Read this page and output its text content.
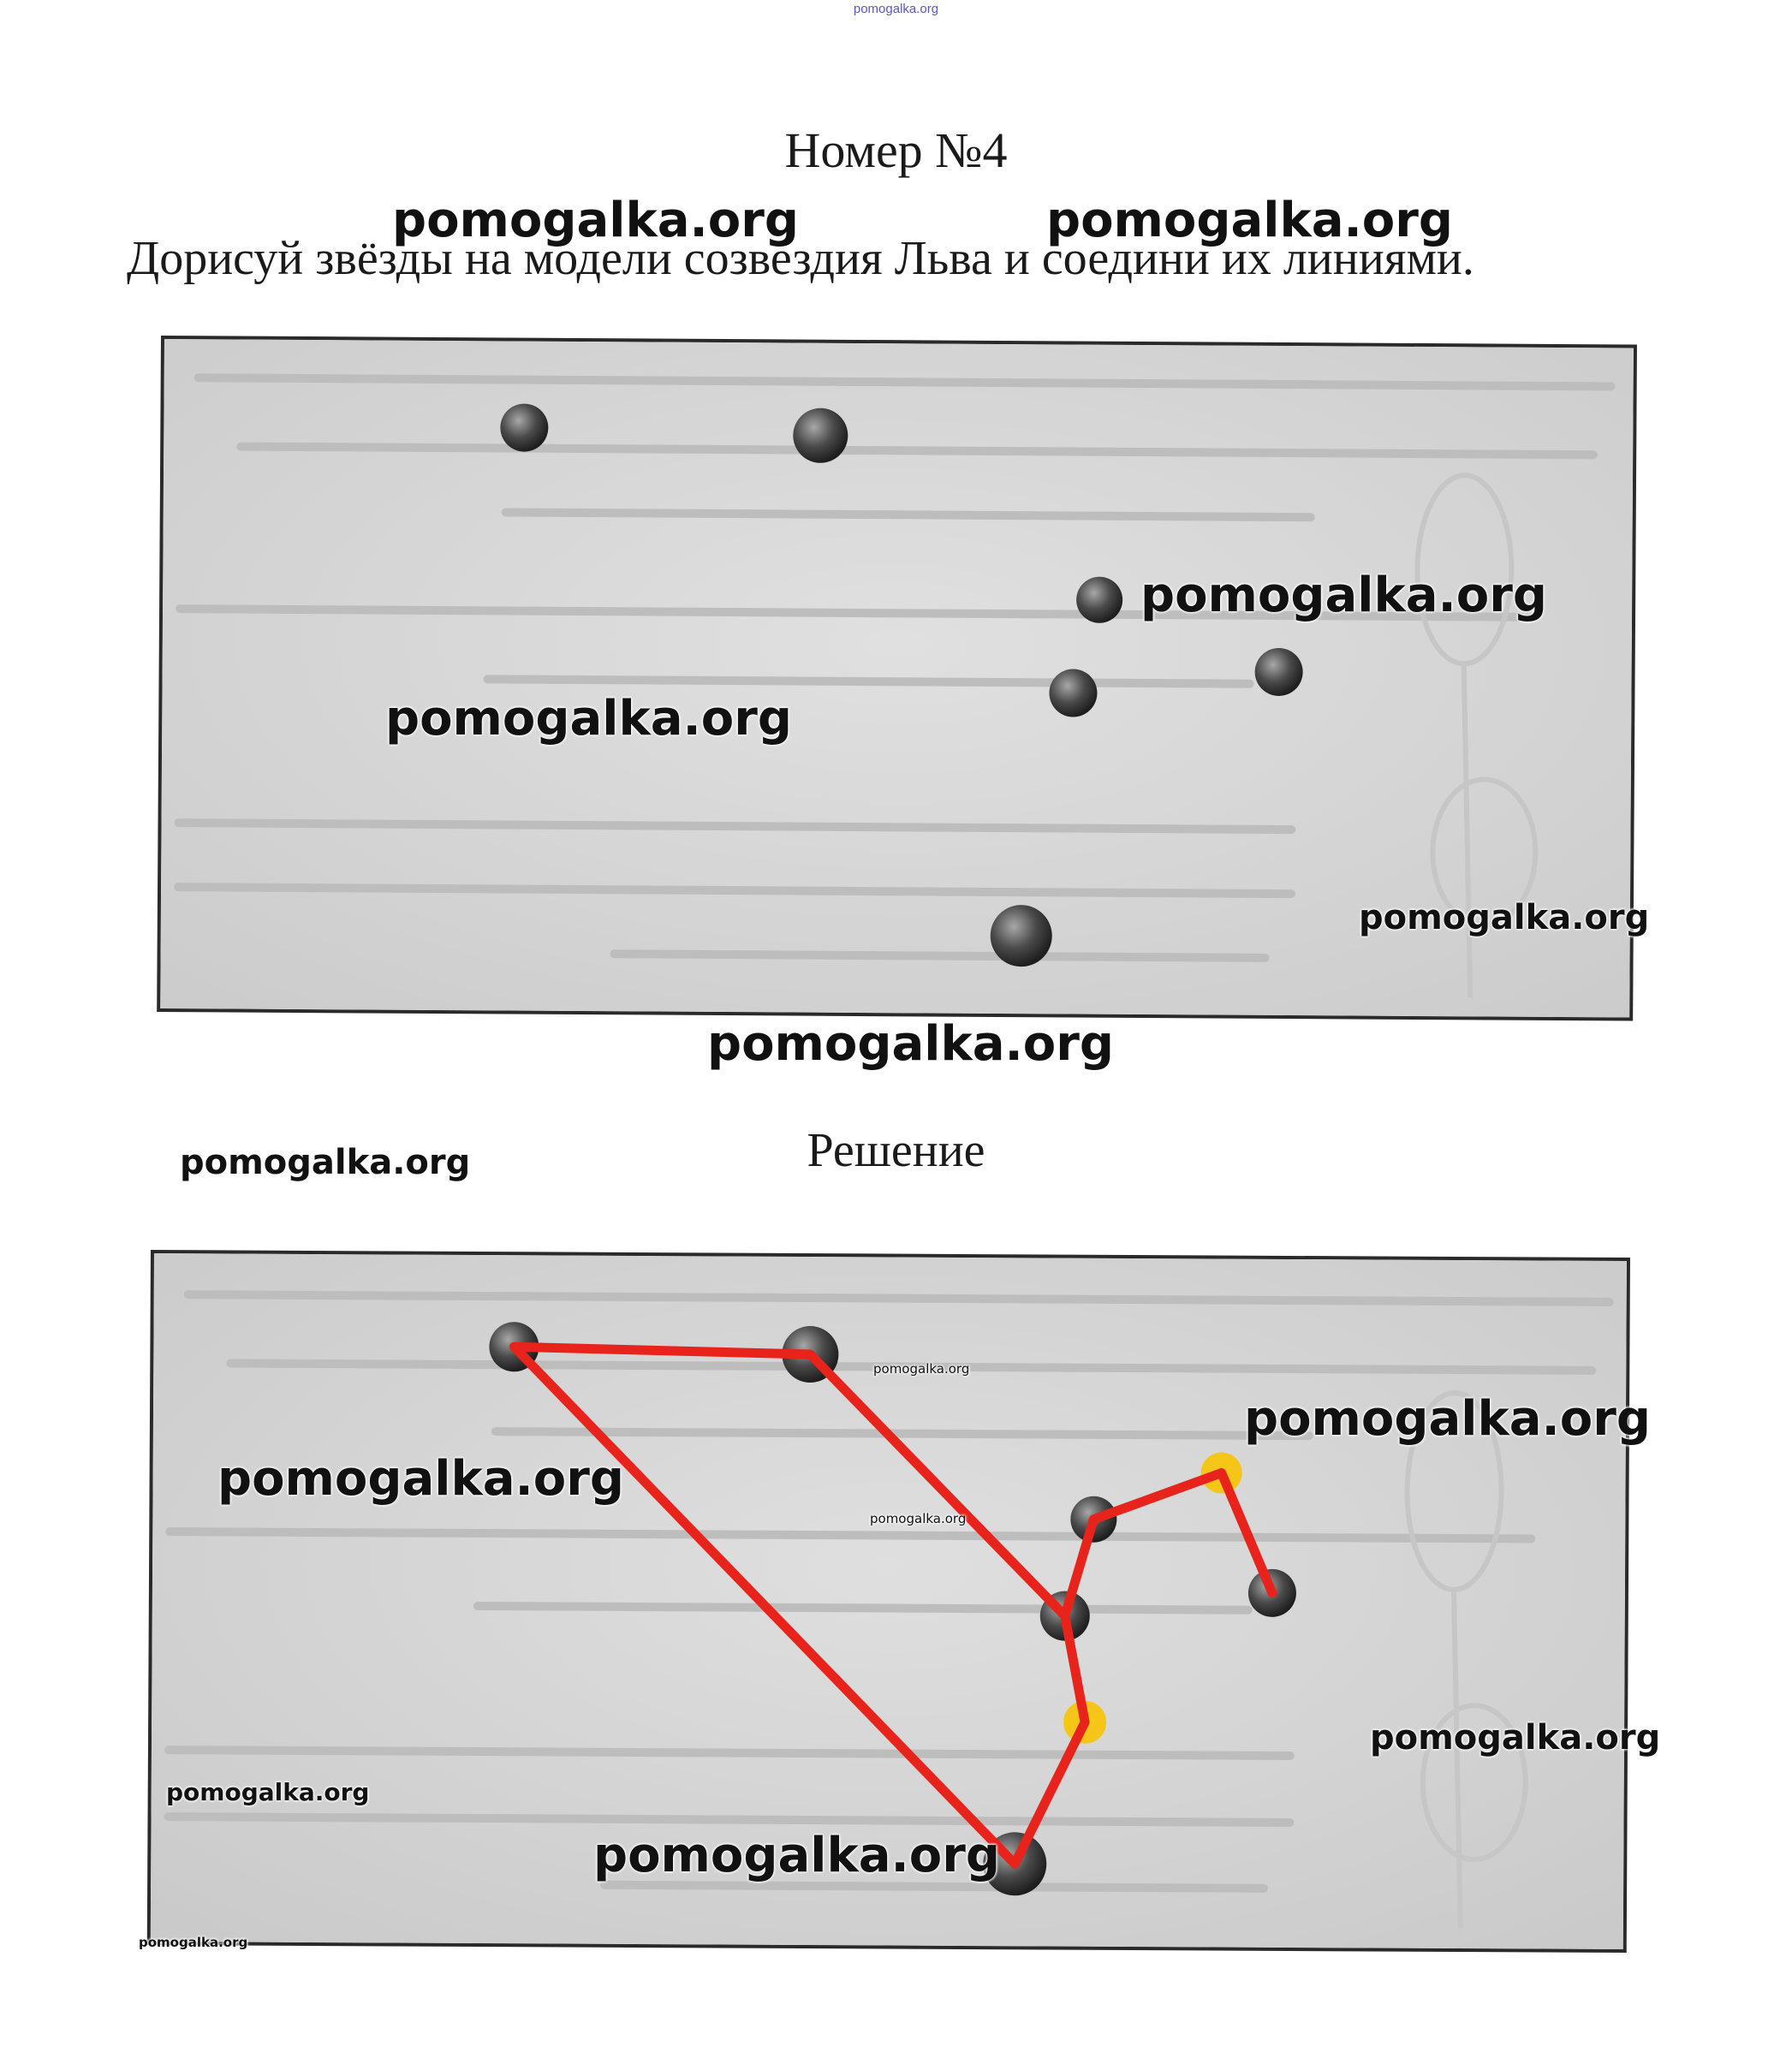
pomogalka.org
Номер №4
Дорисуй звёзды на модели созвездия Льва и соедини их линиями.
Решение
pomogalka.org	pomogalka.org
pomogalka.org
pomogalka.org
pomogalka.org
pomogalka.org
pomogalka.org
pomogalka.org
pomogalka.org
pomogalka.org
pomogalka.org
pomogalka.org
pomogalka.org
pomogalka.org
pomogalka.org
